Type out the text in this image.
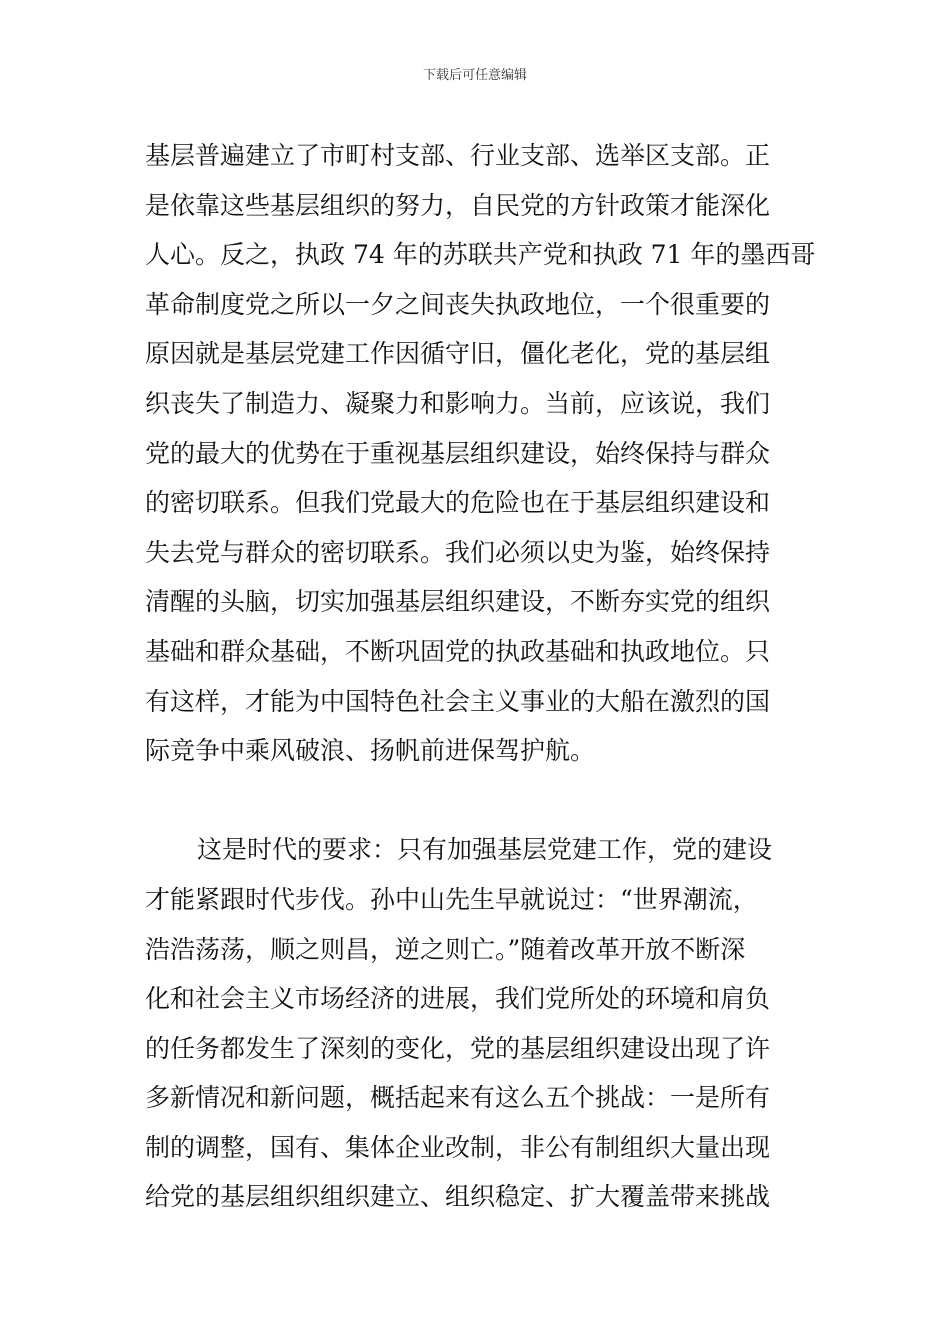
下载后可任意编辑
基层普遍建立了市町村支部、行业支部、选举区支部。正
是依靠这些基层组织的努力，自民党的方针政策才能深化
人心。反之，执政 74 年的苏联共产党和执政 71 年的墨西哥
革命制度党之所以一夕之间丧失执政地位，一个很重要的
原因就是基层党建工作因循守旧，僵化老化，党的基层组
织丧失了制造力、凝聚力和影响力。当前，应该说，我们
党的最大的优势在于重视基层组织建设，始终保持与群众
的密切联系。但我们党最大的危险也在于基层组织建设和
失去党与群众的密切联系。我们必须以史为鉴，始终保持
清醒的头脑，切实加强基层组织建设，不断夯实党的组织
基础和群众基础，不断巩固党的执政基础和执政地位。只
有这样，才能为中国特色社会主义事业的大船在激烈的国
际竞争中乘风破浪、扬帆前进保驾护航。
这是时代的要求：只有加强基层党建工作，党的建设
才能紧跟时代步伐。孙中山先生早就说过：“世界潮流，
浩浩荡荡，顺之则昌，逆之则亡。”随着改革开放不断深
化和社会主义市场经济的进展，我们党所处的环境和肩负
的任务都发生了深刻的变化，党的基层组织建设出现了许
多新情况和新问题，概括起来有这么五个挑战：一是所有
制的调整，国有、集体企业改制，非公有制组织大量出现
给党的基层组织组织建立、组织稳定、扩大覆盖带来挑战
